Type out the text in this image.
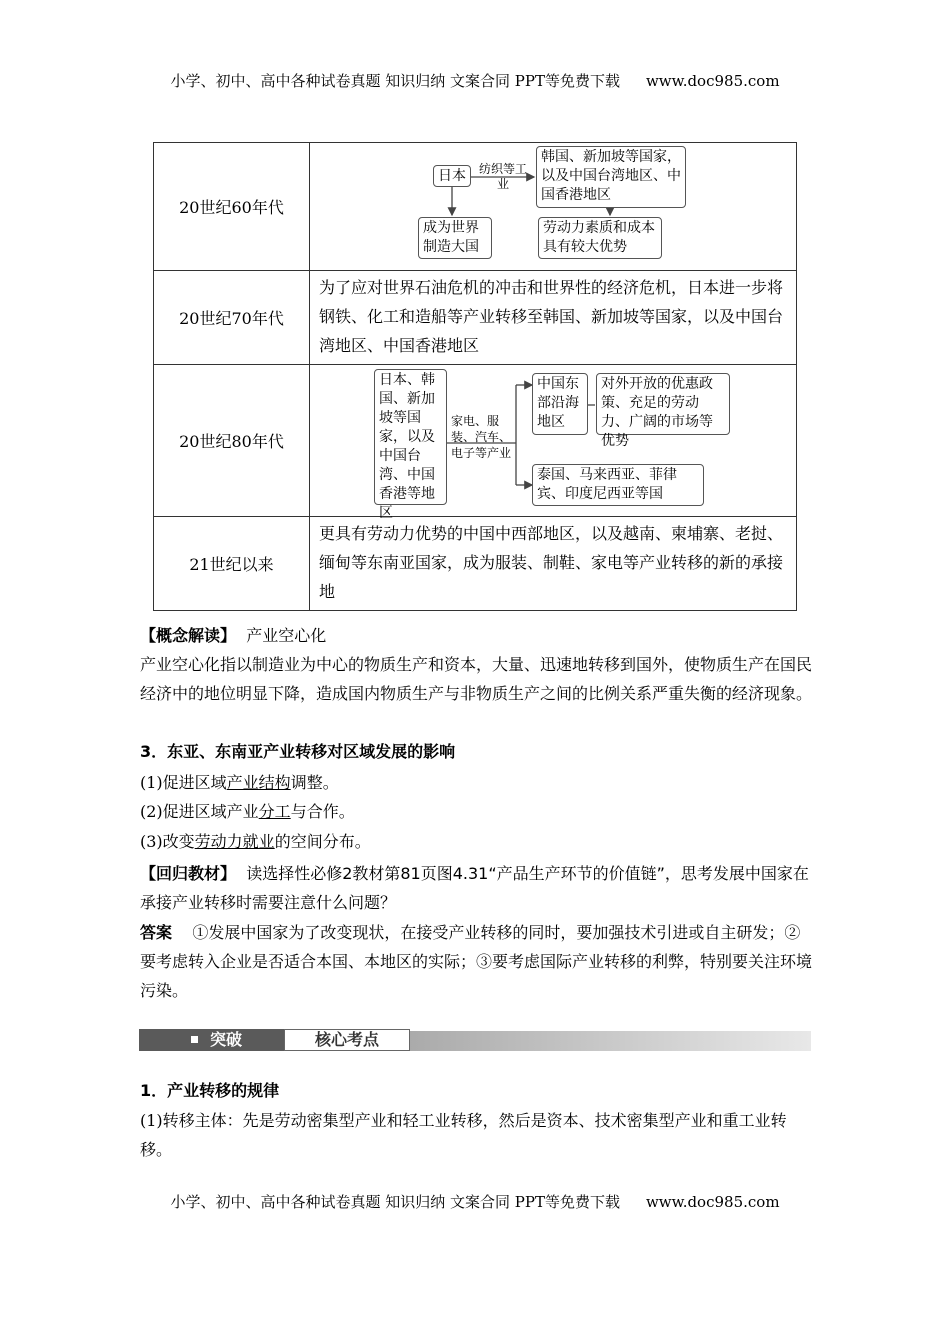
小学、初中、高中各种试卷真题 知识归纳 文案合同 PPT等免费下载 www.doc985.com
20世纪60年代	日本 纺织等工业
韩国、新加坡等国家，以及中国台湾地区、中国香港地区
成为世界制造大国
劳动力素质和成本具有较大优势

20世纪70年代	为了应对世界石油危机的冲击和世界性的经济危机，日本进一步将钢铁、化工和造船等产业转移至韩国、新加坡等国家，以及中国台湾地区、中国香港地区
20世纪80年代	日本、韩国、新加坡等国家，以及中国台湾、中国香港等地区
家电、服装、汽车、电子等产业
中国东部沿海地区
对外开放的优惠政策、充足的劳动力、广阔的市场等优势
泰国、马来西亚、菲律宾、印度尼西亚等国

21世纪以来	更具有劳动力优势的中国中西部地区，以及越南、柬埔寨、老挝、缅甸等东南亚国家，成为服装、制鞋、家电等产业转移的新的承接地
【概念解读】 产业空心化
产业空心化指以制造业为中心的物质生产和资本，大量、迅速地转移到国外，使物质生产在国民经济中的地位明显下降，造成国内物质生产与非物质生产之间的比例关系严重失衡的经济现象。
3．东亚、东南亚产业转移对区域发展的影响
(1)促进区域产业结构调整。
(2)促进区域产业分工与合作。
(3)改变劳动力就业的空间分布。
【回归教材】 读选择性必修2教材第81页图4.31“产品生产环节的价值链”，思考发展中国家在承接产业转移时需要注意什么问题？
答案 ①发展中国家为了改变现状，在接受产业转移的同时，要加强技术引进或自主研发；②要考虑转入企业是否适合本国、本地区的实际；③要考虑国际产业转移的利弊，特别要关注环境污染。
突破	核心考点
1．产业转移的规律
(1)转移主体：先是劳动密集型产业和轻工业转移，然后是资本、技术密集型产业和重工业转移。
小学、初中、高中各种试卷真题 知识归纳 文案合同 PPT等免费下载 www.doc985.com
